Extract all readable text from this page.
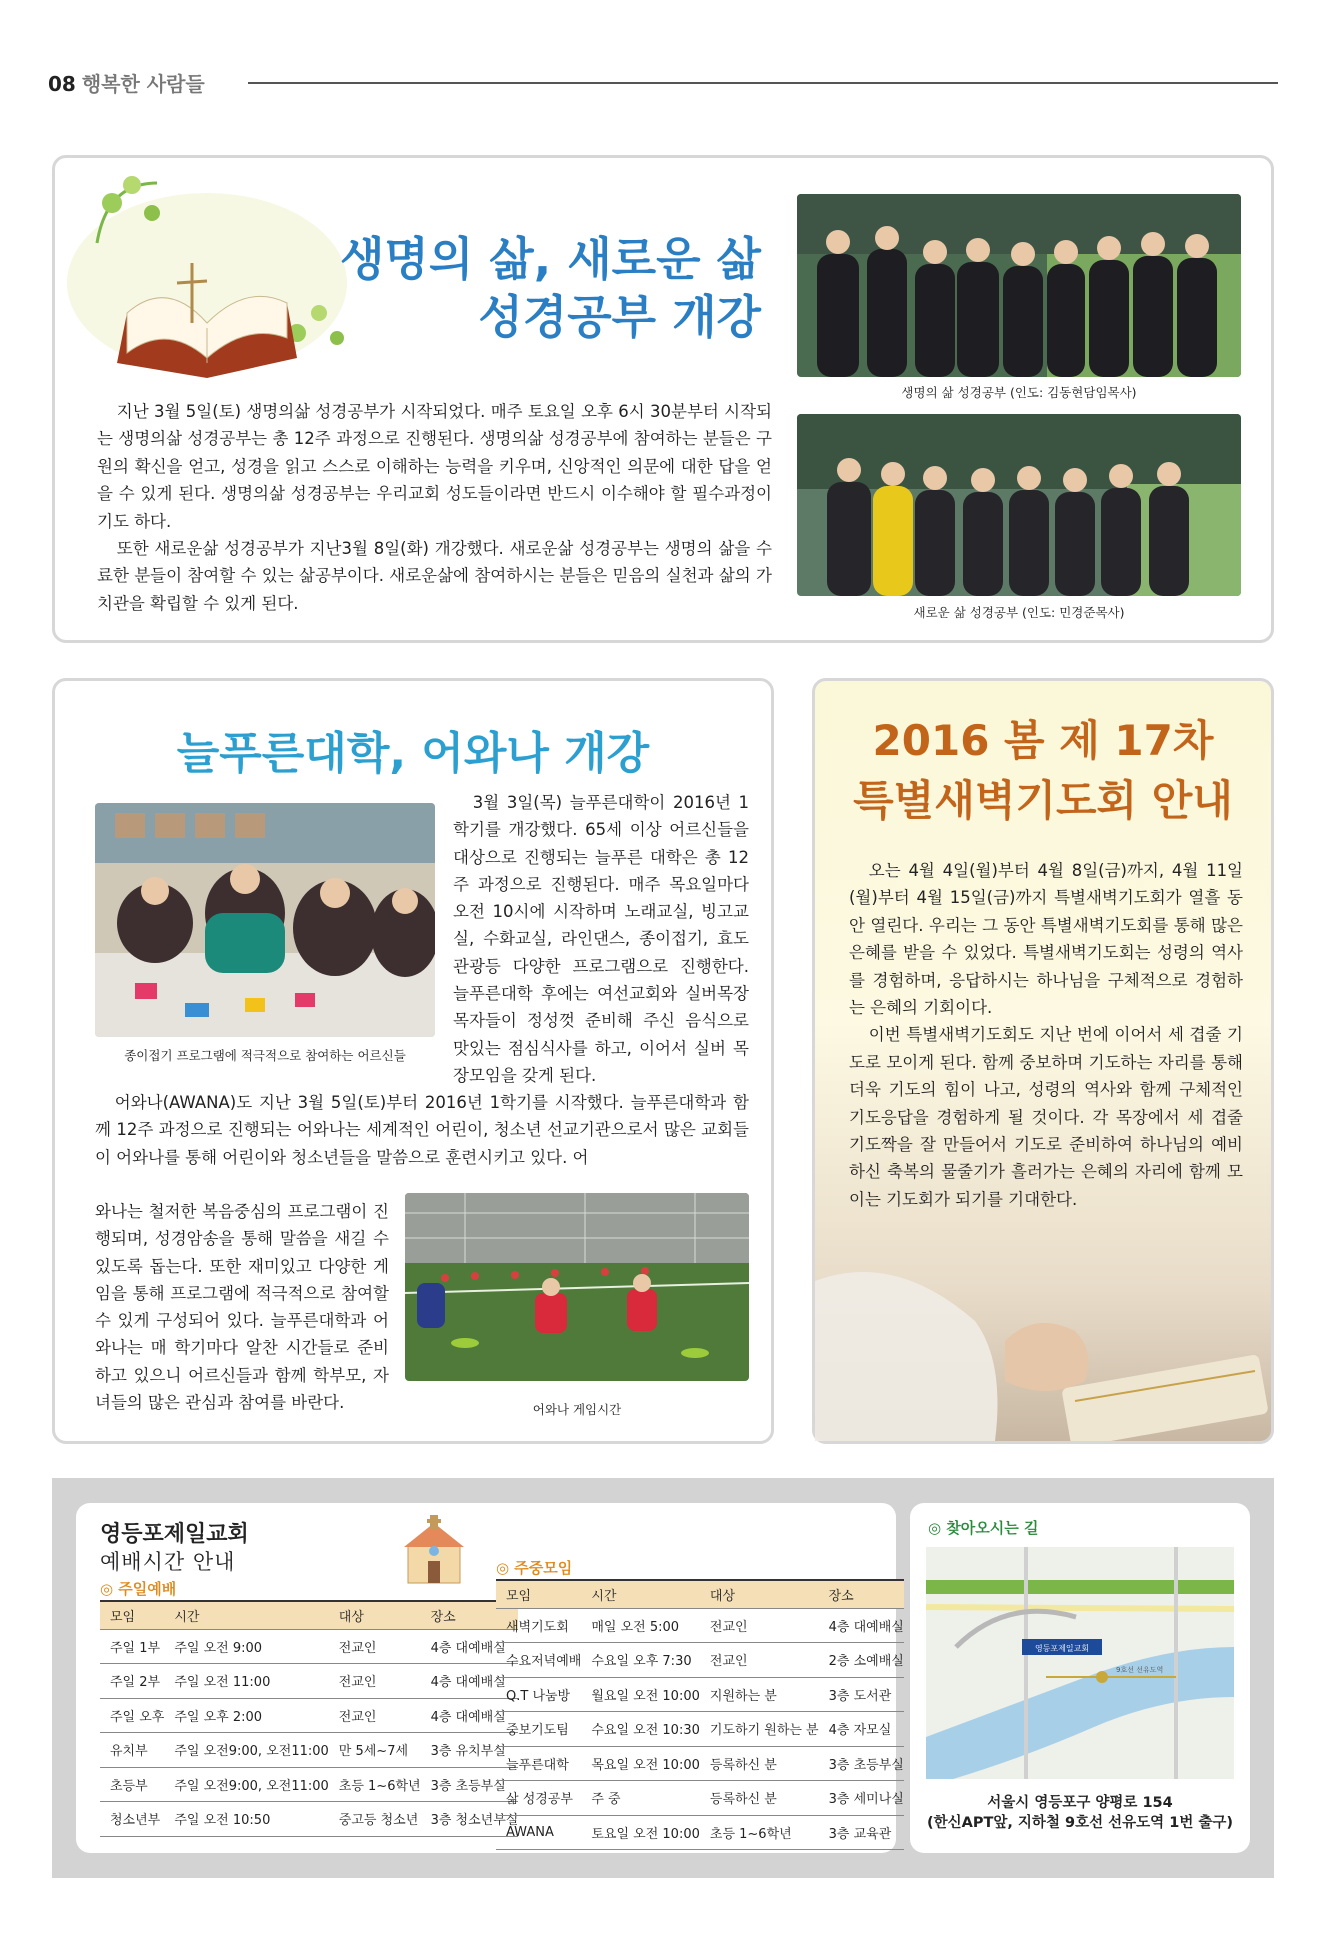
08 행복한 사람들
생명의 삶, 새로운 삶
성경공부 개강

지난 3월 5일(토) 생명의삶 성경공부가 시작되었다. 매주 토요일 오후 6시 30분부터 시작되는 생명의삶 성경공부는 총 12주 과정으로 진행된다. 생명의삶 성경공부에 참여하는 분들은 구원의 확신을 얻고, 성경을 읽고 스스로 이해하는 능력을 키우며, 신앙적인 의문에 대한 답을 얻을 수 있게 된다. 생명의삶 성경공부는 우리교회 성도들이라면 반드시 이수해야 할 필수과정이기도 하다.

또한 새로운삶 성경공부가 지난3월 8일(화) 개강했다. 새로운삶 성경공부는 생명의 삶을 수료한 분들이 참여할 수 있는 삶공부이다. 새로운삶에 참여하시는 분들은 믿음의 실천과 삶의 가치관을 확립할 수 있게 된다.

생명의 삶 성경공부 (인도: 김동현담임목사)
새로운 삶 성경공부 (인도: 민경준목사)
늘푸른대학, 어와나 개강
종이접기 프로그램에 적극적으로 참여하는 어르신들
3월 3일(목) 늘푸른대학이 2016년 1학기를 개강했다. 65세 이상 어르신들을 대상으로 진행되는 늘푸른 대학은 총 12주 과정으로 진행된다. 매주 목요일마다 오전 10시에 시작하며 노래교실, 빙고교실, 수화교실, 라인댄스, 종이접기, 효도관광등 다양한 프로그램으로 진행한다. 늘푸른대학 후에는 여선교회와 실버목장 목자들이 정성껏 준비해 주신 음식으로 맛있는 점심식사를 하고, 이어서 실버 목장모임을 갖게 된다.
어와나(AWANA)도 지난 3월 5일(토)부터 2016년 1학기를 시작했다. 늘푸른대학과 함께 12주 과정으로 진행되는 어와나는 세계적인 어린이, 청소년 선교기관으로서 많은 교회들이 어와나를 통해 어린이와 청소년들을 말씀으로 훈련시키고 있다. 어
와나는 철저한 복음중심의 프로그램이 진행되며, 성경암송을 통해 말씀을 새길 수 있도록 돕는다. 또한 재미있고 다양한 게임을 통해 프로그램에 적극적으로 참여할 수 있게 구성되어 있다. 늘푸른대학과 어와나는 매 학기마다 알찬 시간들로 준비하고 있으니 어르신들과 함께 학부모, 자녀들의 많은 관심과 참여를 바란다.	어와나 게임시간
2016 봄 제 17차
특별새벽기도회 안내

오는 4월 4일(월)부터 4월 8일(금)까지, 4월 11일(월)부터 4월 15일(금)까지 특별새벽기도회가 열흘 동안 열린다. 우리는 그 동안 특별새벽기도회를 통해 많은 은혜를 받을 수 있었다. 특별새벽기도회는 성령의 역사를 경험하며, 응답하시는 하나님을 구체적으로 경험하는 은혜의 기회이다.

이번 특별새벽기도회도 지난 번에 이어서 세 겹줄 기도로 모이게 된다. 함께 중보하며 기도하는 자리를 통해 더욱 기도의 힘이 나고, 성령의 역사와 함께 구체적인 기도응답을 경험하게 될 것이다. 각 목장에서 세 겹줄 기도짝을 잘 만들어서 기도로 준비하여 하나님의 예비하신 축복의 물줄기가 흘러가는 은혜의 자리에 함께 모이는 기도회가 되기를 기대한다.

영등포제일교회
예배시간 안내
◎ 주일예배
◎ 주중모임
모임	시간	대상	장소
주일 1부	주일 오전 9:00	전교인	4층 대예배실
주일 2부	주일 오전 11:00	전교인	4층 대예배실
주일 오후	주일 오후 2:00	전교인	4층 대예배실
유치부	주일 오전9:00, 오전11:00	만 5세~7세	3층 유치부실
초등부	주일 오전9:00, 오전11:00	초등 1~6학년	3층 초등부실
청소년부	주일 오전 10:50	중고등 청소년	3층 청소년부실
모임	시간	대상	장소
새벽기도회	매일 오전 5:00	전교인	4층 대예배실
수요저녁예배	수요일 오후 7:30	전교인	2층 소예배실
Q.T 나눔방	월요일 오전 10:00	지원하는 분	3층 도서관
중보기도팀	수요일 오전 10:30	기도하기 원하는 분	4층 자모실
늘푸른대학	목요일 오전 10:00	등록하신 분	3층 초등부실
삶 성경공부	주 중	등록하신 분	3층 세미나실
AWANA	토요일 오전 10:00	초등 1~6학년	3층 교육관
◎ 찾아오시는 길
영등포제일교회
9호선 선유도역
서울시 영등포구 양평로 154
(한신APT앞, 지하철 9호선 선유도역 1번 출구)
